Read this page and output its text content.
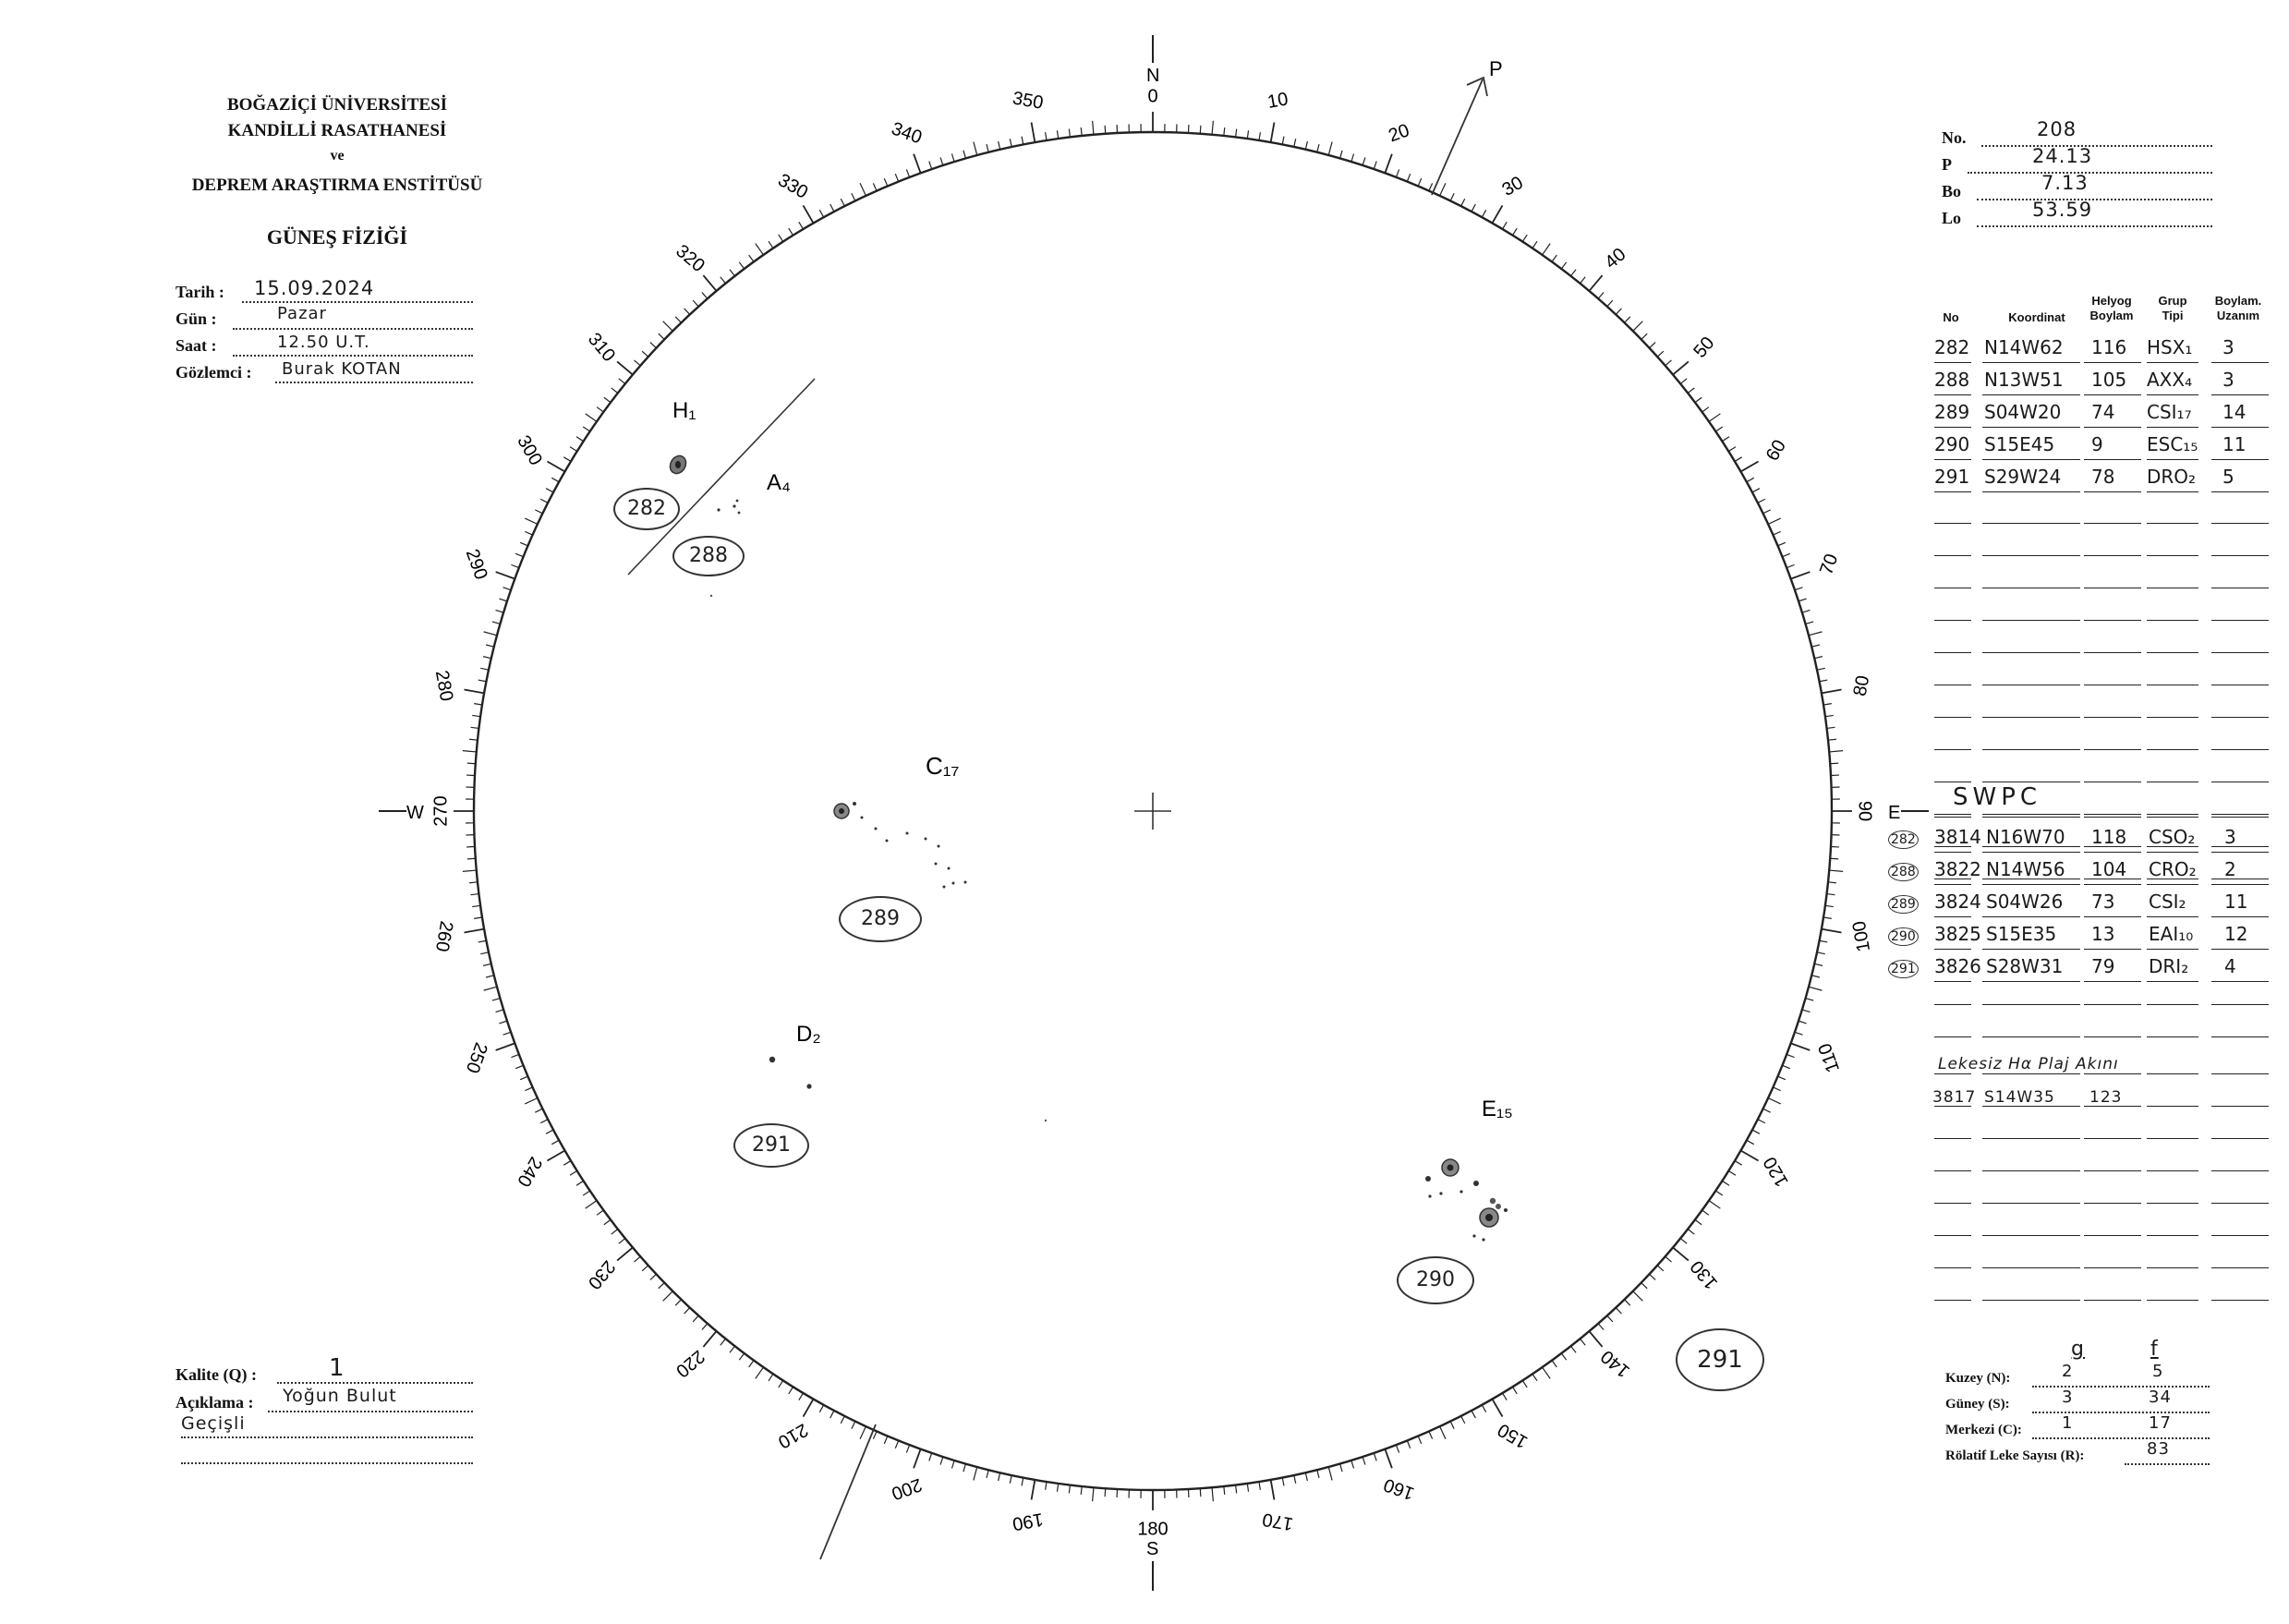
BOĞAZİÇİ ÜNİVERSİTESİ
KANDİLLİ RASATHANESİ
ve
DEPREM ARAŞTIRMA ENSTİTÜSÜ
GÜNEŞ FİZİĞİ
Tarih : 15.09.2024
Gün :	Pazar
Saat :	12.50 U.T.
Gözlemci : Burak KOTAN
No.	208
P	24.13
Bo	7.13
Lo	53.59
No	Koordinat
Helyog
Boylam
Grup
Tipi
Boylam.
Uzanım
282 N14W62 116 HSX₁ 3
288 N13W51 105 AXX₄ 3
289 S04W20 74 CSI₁₇ 14
290 S15E45 9 ESC₁₅ 11
291 S29W24 78 DRO₂ 5
SWPC
282 3814 N16W70 118 CSO₂ 3
288 3822 N14W56 104 CRO₂ 2
289 3824 S04W26 73 CSI₂ 11
290 3825 S15E35 13 EAI₁₀ 12
291 3826 S28W31 79 DRI₂ 4
Lekesiz Hα Plaj Akını
3817 S14W35 123
10
20
30
40
50
60
70
80
100
110
120
130
140
150
160
170
190
200
210
220
230
240
250
260
280
290
300
310
320
330
340
350	0
180
90
270
N
S
E
W
P
H₁
A₄
C₁₇
D₂
E₁₅
282
288
289
291
290
291
Kalite (Q) :	1
Açıklama : Yoğun Bulut
Geçişli
g	f
Kuzey (N):	2	5
Güney (S):	3	34
Merkezi (C): 1	17
Rölatif Leke Sayısı (R):	83
